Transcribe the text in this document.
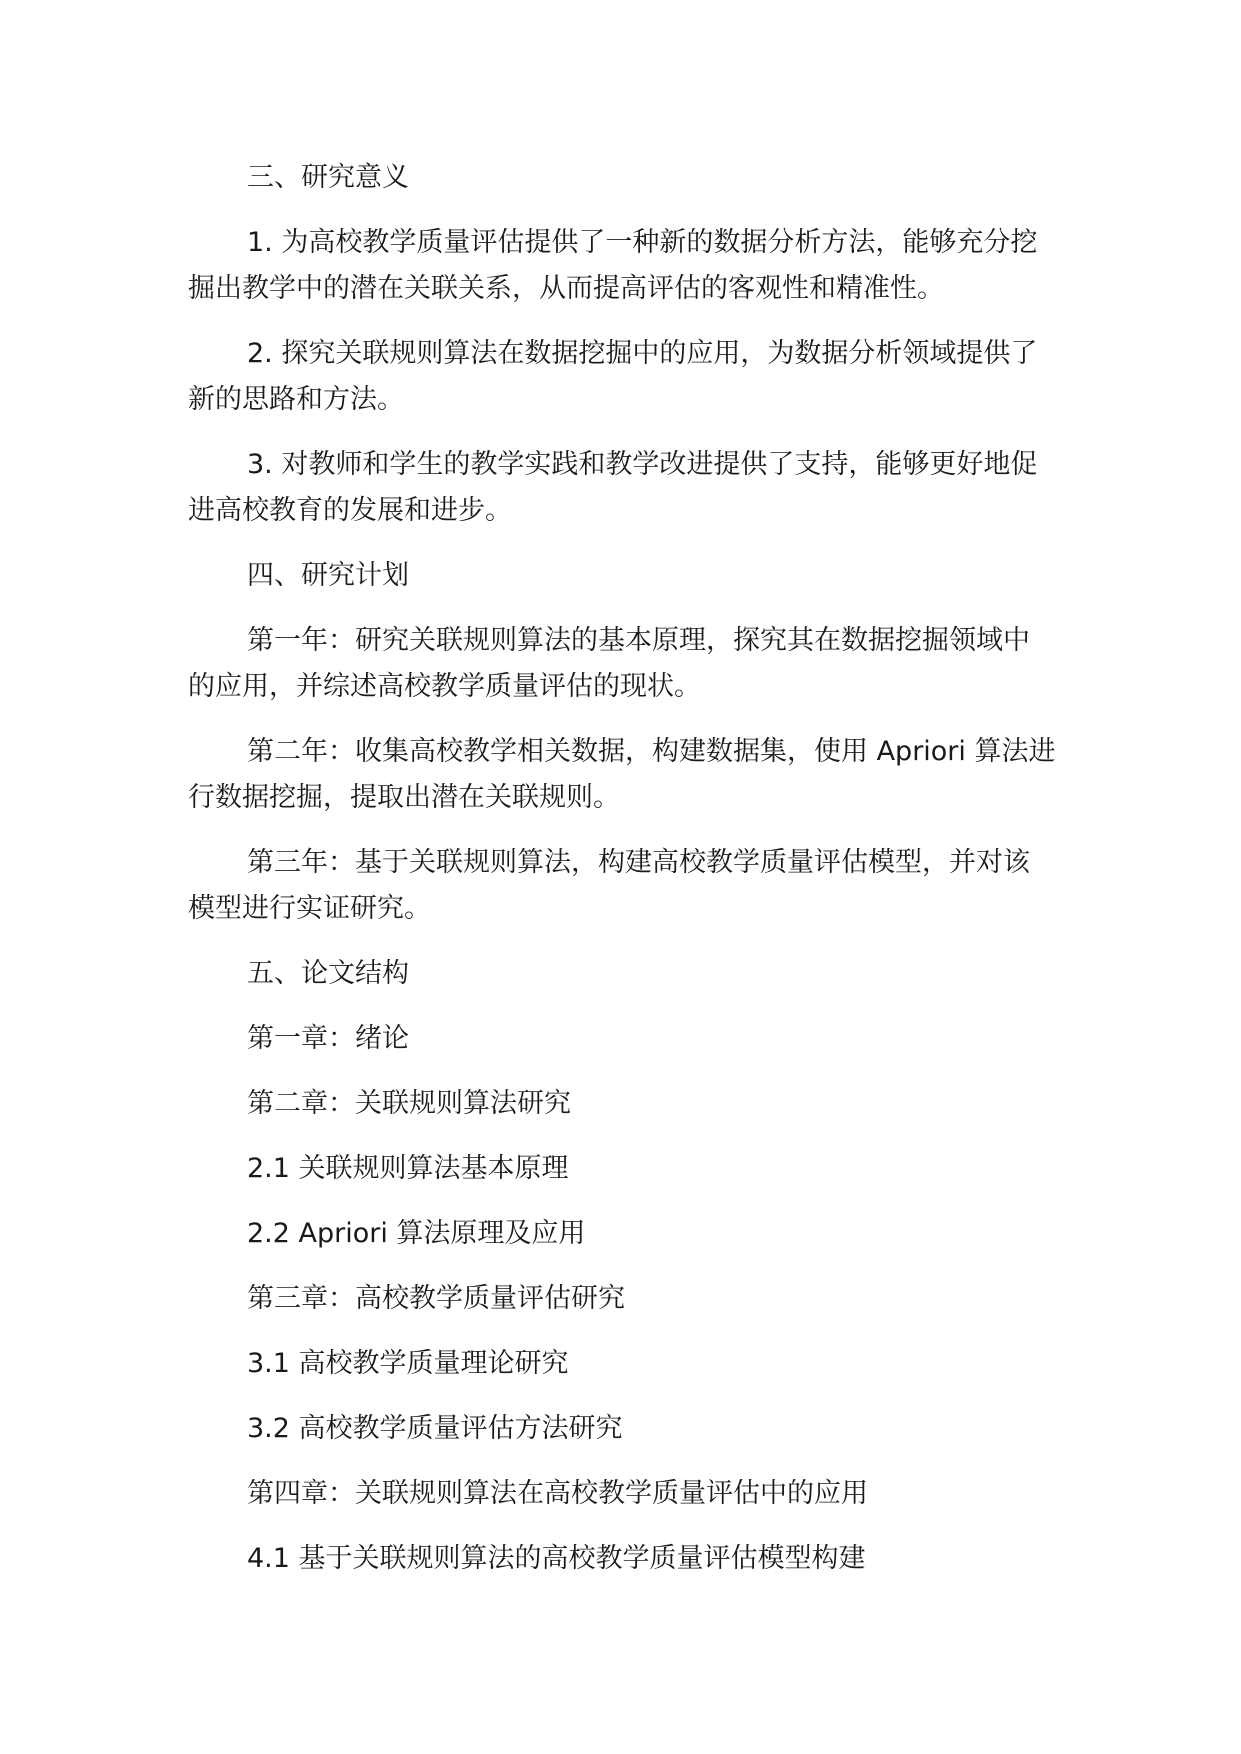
三、研究意义

1. 为高校教学质量评估提供了一种新的数据分析方法，能够充分挖

掘出教学中的潜在关联关系，从而提高评估的客观性和精准性。

2. 探究关联规则算法在数据挖掘中的应用，为数据分析领域提供了

新的思路和方法。

3. 对教师和学生的教学实践和教学改进提供了支持，能够更好地促

进高校教育的发展和进步。

四、研究计划

第一年：研究关联规则算法的基本原理，探究其在数据挖掘领域中

的应用，并综述高校教学质量评估的现状。

第二年：收集高校教学相关数据，构建数据集，使用 Apriori 算法进

行数据挖掘，提取出潜在关联规则。

第三年：基于关联规则算法，构建高校教学质量评估模型，并对该

模型进行实证研究。

五、论文结构

第一章：绪论

第二章：关联规则算法研究

2.1 关联规则算法基本原理

2.2 Apriori 算法原理及应用

第三章：高校教学质量评估研究

3.1 高校教学质量理论研究

3.2 高校教学质量评估方法研究

第四章：关联规则算法在高校教学质量评估中的应用

4.1 基于关联规则算法的高校教学质量评估模型构建
